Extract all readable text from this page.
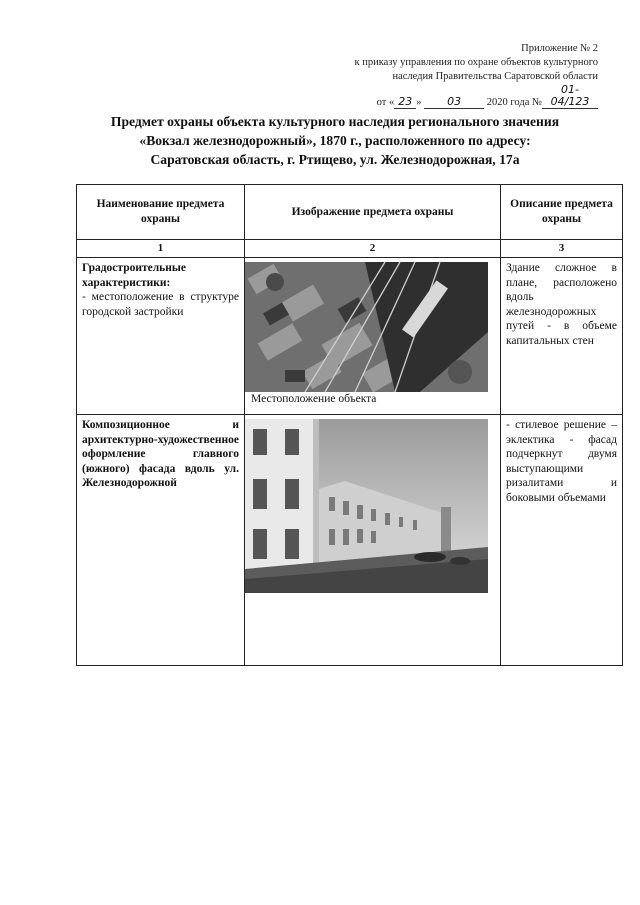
Приложение № 2
к приказу управления по охране объектов культурного
наследия Правительства Саратовской области
от « 23 » 03 2020 года №01-04/123
Предмет охраны объекта культурного наследия регионального значения
«Вокзал железнодорожный», 1870 г., расположенного по адресу:
Саратовская область, г. Ртищево, ул. Железнодорожная, 17а
Наименование предмета охраны
Изображение предмета охраны
Описание предмета охраны
1	2	3
Градостроительные характеристики:
- местоположение в структуре городской застройки
Местоположение объекта
Здание сложное в плане, расположено вдоль железнодорожных путей - в объеме капитальных стен
Композиционное и архитектурно-художественное оформление главного (южного) фасада вдоль ул. Железнодорожной
- стилевое решение – эклектика - фасад подчеркнут двумя выступающими ризалитами и боковыми объемами
